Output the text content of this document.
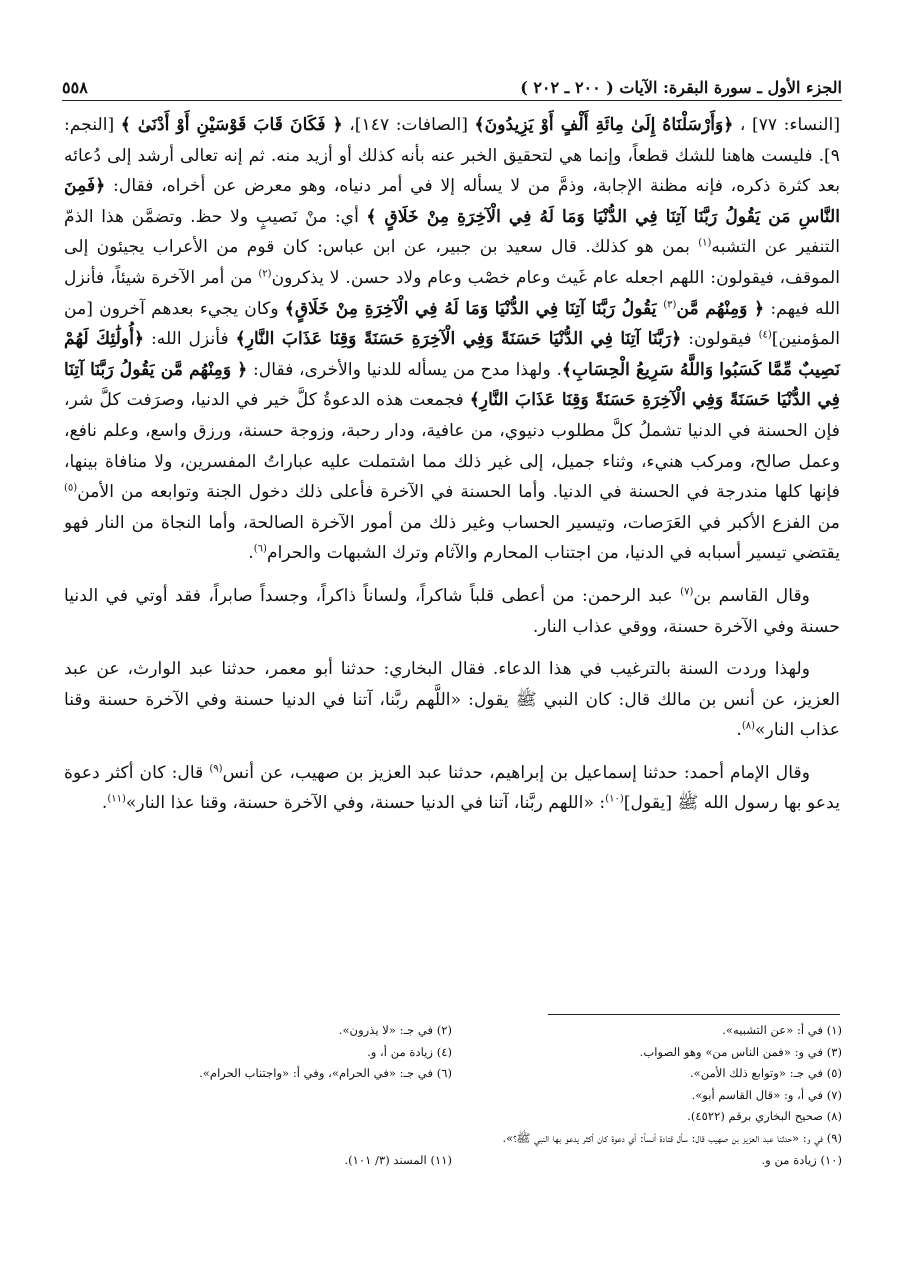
الجزء الأول ـ سورة البقرة: الآيات ( ٢٠٠ ـ ٢٠٢ )
٥٥٨

[النساء: ٧٧] ، ﴿وَأَرْسَلْنَاهُ إِلَىٰ مِائَةِ أَلْفٍ أَوْ يَزِيدُونَ﴾ [الصافات: ١٤٧]، ﴿ فَكَانَ قَابَ قَوْسَيْنِ أَوْ أَدْنَىٰ ﴾ [النجم: ٩]. فليست هاهنا للشك قطعاً، وإنما هي لتحقيق الخبر عنه بأنه كذلك أو أزيد منه. ثم إنه تعالى أرشد إلى دُعائه بعد كثرة ذكره، فإنه مظنة الإجابة، وذمَّ من لا يسأله إلا في أمر دنياه، وهو معرض عن أخراه، فقال: ﴿فَمِنَ النَّاسِ مَن يَقُولُ رَبَّنَا آتِنَا فِي الدُّنْيَا وَمَا لَهُ فِي الْآخِرَةِ مِنْ خَلَاقٍ ﴾ أي: منْ نَصيبٍ ولا حظ. وتضمَّن هذا الذمّ التنفير عن التشبه$^{(١)}$ بمن هو كذلك. قال سعيد بن جبير، عن ابن عباس: كان قوم من الأعراب يجيئون إلى الموقف، فيقولون: اللهم اجعله عام غَيث وعام خصْب وعام ولاد حسن. لا يذكرون$^{(٢)}$ من أمر الآخرة شيئاً، فأنزل الله فيهم: ﴿ وَمِنْهُم مَّن$^{(٣)}$ يَقُولُ رَبَّنَا آتِنَا فِي الدُّنْيَا وَمَا لَهُ فِي الْآخِرَةِ مِنْ خَلَاقٍ﴾ وكان يجيء بعدهم آخرون [من المؤمنين]$^{(٤)}$ فيقولون: ﴿رَبَّنَا آتِنَا فِي الدُّنْيَا حَسَنَةً وَفِي الْآخِرَةِ حَسَنَةً وَقِنَا عَذَابَ النَّارِ﴾ فأنزل الله: ﴿أُولَٰئِكَ لَهُمْ نَصِيبٌ مِّمَّا كَسَبُوا وَاللَّهُ سَرِيعُ الْحِسَابِ﴾. ولهذا مدح من يسأله للدنيا والأخرى، فقال: ﴿ وَمِنْهُم مَّن يَقُولُ رَبَّنَا آتِنَا فِي الدُّنْيَا حَسَنَةً وَفِي الْآخِرَةِ حَسَنَةً وَقِنَا عَذَابَ النَّارِ﴾ فجمعت هذه الدعوةُ كلَّ خير في الدنيا، وصرَفت كلَّ شر، فإن الحسنة في الدنيا تشملُ كلَّ مطلوب دنيوي، من عافية، ودار رحبة، وزوجة حسنة، ورزق واسع، وعلم نافع، وعمل صالح، ومركب هنيء، وثناء جميل، إلى غير ذلك مما اشتملت عليه عباراتُ المفسرين، ولا منافاة بينها، فإنها كلها مندرجة في الحسنة في الدنيا. وأما الحسنة في الآخرة فأعلى ذلك دخول الجنة وتوابعه من الأمن$^{(٥)}$ من الفزع الأكبر في العَرَصات، وتيسير الحساب وغير ذلك من أمور الآخرة الصالحة، وأما النجاة من النار فهو يقتضي تيسير أسبابه في الدنيا، من اجتناب المحارم والآثام وترك الشبهات والحرام$^{(٦)}$.

وقال القاسم بن$^{(٧)}$ عبد الرحمن: من أعطى قلباً شاكراً، ولساناً ذاكراً، وجسداً صابراً، فقد أوتي في الدنيا حسنة وفي الآخرة حسنة، ووقي عذاب النار.

ولهذا وردت السنة بالترغيب في هذا الدعاء. فقال البخاري: حدثنا أبو معمر، حدثنا عبد الوارث، عن عبد العزيز، عن أنس بن مالك قال: كان النبي ﷺ يقول: «اللَّهم ربَّنا، آتنا في الدنيا حسنة وفي الآخرة حسنة وقنا عذاب النار»$^{(٨)}$.

وقال الإمام أحمد: حدثنا إسماعيل بن إبراهيم، حدثنا عبد العزيز بن صهيب، عن أنس$^{(٩)}$ قال: كان أكثر دعوة يدعو بها رسول الله ﷺ [يقول]$^{(١٠)}$: «اللهم ربَّنا، آتنا في الدنيا حسنة، وفي الآخرة حسنة، وقنا عذا النار»$^{(١١)}$.

(١) في أ: «عن التشبيه».
(٢) في جـ: «لا يذرون».
(٣) في و: «فمن الناس من» وهو الصواب.
(٤) زيادة من أ، و.
(٥) في جـ: «وتوابع ذلك الأمن».
(٦) في جـ: «في الحرام»، وفي أ: «واجتناب الحرام».
(٧) في أ، و: «قال القاسم أبو».
(٨) صحيح البخاري برقم (٤٥٢٢).
(٩) في و: «حدثنا عبد العزيز بن صهيب قال: سأل قتادة أنساً: أي دعوة كان أكثر يدعو بها النبي ﷺ؟».
(١٠) زيادة من و.
(١١) المسند (٣/ ١٠١).
